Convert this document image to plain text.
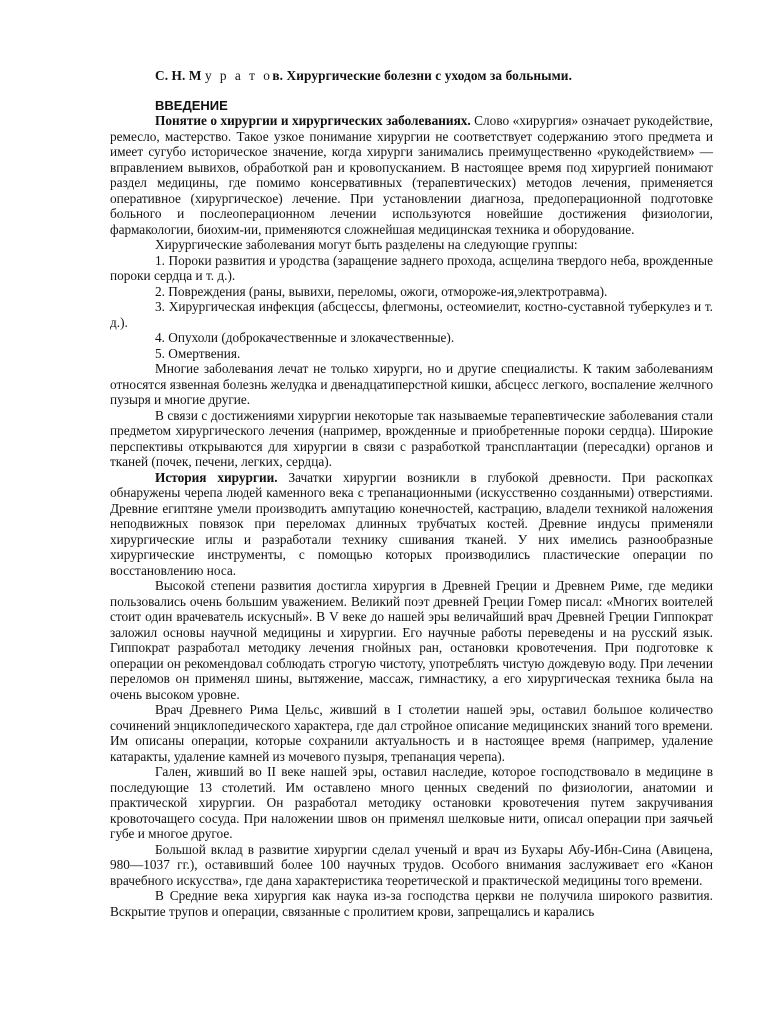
С. Н. М у р а т ов. Хирургические болезни с уходом за больными.

ВВЕДЕНИЕ

Понятие о хирургии и хирургических заболеваниях. Слово «хирургия» означает рукодействие, ремесло, мастерство. Такое узкое понимание хирургии не соответствует содержанию этого предмета и имеет сугубо историческое значение, когда хирурги занимались преимущественно «рукодействием» — вправлением вывихов, обработкой ран и кровопусканием. В настоящее время под хирургией понимают раздел медицины, где помимо консервативных (терапевтических) методов лечения, применяется оперативное (хирургическое) лечение. При установлении диагноза, предоперационной подготовке больного и послеоперационном лечении используются новейшие достижения физиологии, фармакологии, биохим-ии, применяются сложнейшая медицинская техника и оборудование.

Хирургические заболевания могут быть разделены на следующие группы:

1. Пороки развития и уродства (заращение заднего прохода, асщелина твердого неба, врожденные пороки сердца и т. д.).

2. Повреждения (раны, вывихи, переломы, ожоги, отмороже-ия,электротравма).

3. Хирургическая инфекция (абсцессы, флегмоны, остеомиелит, костно-суставной туберкулез и т. д.).

4. Опухоли (доброкачественные и злокачественные).

5. Омертвения.

Многие заболевания лечат не только хирурги, но и другие специалисты. К таким заболеваниям относятся язвенная болезнь желудка и двенадцатиперстной кишки, абсцесс легкого, воспаление желчного пузыря и многие другие.

В связи с достижениями хирургии некоторые так называемые терапевтические заболевания стали предметом хирургического лечения (например, врожденные и приобретенные пороки сердца). Широкие перспективы открываются для хирургии в связи с разработкой трансплантации (пересадки) органов и тканей (почек, печени, легких, сердца).

История хирургии. Зачатки хирургии возникли в глубокой древности. При раскопках обнаружены черепа людей каменного века с трепанационными (искусственно созданными) отверстиями. Древние египтяне умели производить ампутацию конечностей, кастрацию, владели техникой наложения неподвижных повязок при переломах длинных трубчатых костей. Древние индусы применяли хирургические иглы и разработали технику сшивания тканей. У них имелись разнообразные хирургические инструменты, с помощью которых производились пластические операции по восстановлению носа.

Высокой степени развития достигла хирургия в Древней Греции и Древнем Риме, где медики пользовались очень большим уважением. Великий поэт древней Греции Гомер писал: «Многих воителей стоит один врачеватель искусный». В V веке до нашей эры величайший врач Древней Греции Гиппократ заложил основы научной медицины и хирургии. Его научные работы переведены и на русский язык. Гиппократ разработал методику лечения гнойных ран, остановки кровотечения. При подготовке к операции он рекомендовал соблюдать строгую чистоту, употреблять чистую дождевую воду. При лечении переломов он применял шины, вытяжение, массаж, гимнастику, а его хирургическая техника была на очень высоком уровне.

Врач Древнего Рима Цельс, живший в I столетии нашей эры, оставил большое количество сочинений энциклопедического характера, где дал стройное описание медицинских знаний того времени. Им описаны операции, которые сохранили актуальность и в настоящее время (например, удаление катаракты, удаление камней из мочевого пузыря, трепанация черепа).

Гален, живший во II веке нашей эры, оставил наследие, которое господствовало в медицине в последующие 13 столетий. Им оставлено много ценных сведений по физиологии, анатомии и практической хирургии. Он разработал методику остановки кровотечения путем закручивания кровоточащего сосуда. При наложении швов он применял шелковые нити, описал операции при заячьей губе и многое другое.

Большой вклад в развитие хирургии сделал ученый и врач из Бухары Абу-Ибн-Сина (Авицена, 980—1037 гг.), оставивший более 100 научных трудов. Особого внимания заслуживает его «Канон врачебного искусства», где дана характеристика теоретической и практической медицины того времени.

В Средние века хирургия как наука из-за господства церкви не получила широкого развития. Вскрытие трупов и операции, связанные с пролитием крови, запрещались и карались
